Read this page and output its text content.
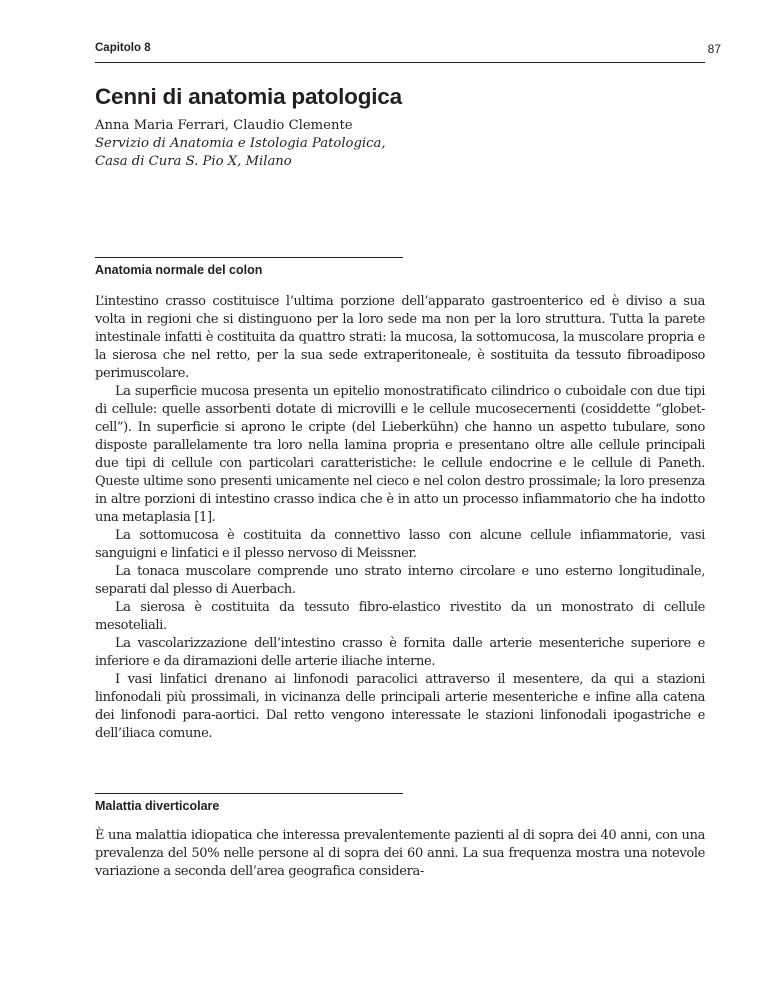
Capitolo 8	87
Cenni di anatomia patologica
Anna Maria Ferrari, Claudio Clemente
Servizio di Anatomia e Istologia Patologica,
Casa di Cura S. Pio X, Milano
Anatomia normale del colon

L’intestino crasso costituisce l’ultima porzione dell’apparato gastroenterico ed è diviso a sua volta in regioni che si distinguono per la loro sede ma non per la loro struttura. Tutta la parete intestinale infatti è costituita da quattro strati: la mucosa, la sottomucosa, la muscolare propria e la sierosa che nel retto, per la sua sede extraperitoneale, è sostituita da tessuto fibroadiposo perimuscolare.

La superficie mucosa presenta un epitelio monostratificato cilindrico o cuboidale con due tipi di cellule: quelle assorbenti dotate di microvilli e le cellule mucosecernenti (cosiddette “globet-cell”). In superficie si aprono le cripte (del Lieberkühn) che hanno un aspetto tubulare, sono disposte parallelamente tra loro nella lamina propria e presentano oltre alle cellule principali due tipi di cellule con particolari caratteristiche: le cellule endocrine e le cellule di Paneth. Queste ultime sono presenti unicamente nel cieco e nel colon destro prossimale; la loro presenza in altre porzioni di intestino crasso indica che è in atto un processo infiammatorio che ha indotto una metaplasia [1].

La sottomucosa è costituita da connettivo lasso con alcune cellule infiammatorie, vasi sanguigni e linfatici e il plesso nervoso di Meissner.

La tonaca muscolare comprende uno strato interno circolare e uno esterno longitudinale, separati dal plesso di Auerbach.

La sierosa è costituita da tessuto fibro-elastico rivestito da un monostrato di cellule mesoteliali.

La vascolarizzazione dell’intestino crasso è fornita dalle arterie mesenteriche superiore e inferiore e da diramazioni delle arterie iliache interne.

I vasi linfatici drenano ai linfonodi paracolici attraverso il mesentere, da qui a stazioni linfonodali più prossimali, in vicinanza delle principali arterie mesenteriche e infine alla catena dei linfonodi para-aortici. Dal retto vengono interessate le stazioni linfonodali ipogastriche e dell’iliaca comune.

Malattia diverticolare

È una malattia idiopatica che interessa prevalentemente pazienti al di sopra dei 40 anni, con una prevalenza del 50% nelle persone al di sopra dei 60 anni. La sua frequenza mostra una notevole variazione a seconda dell’area geografica considera-
